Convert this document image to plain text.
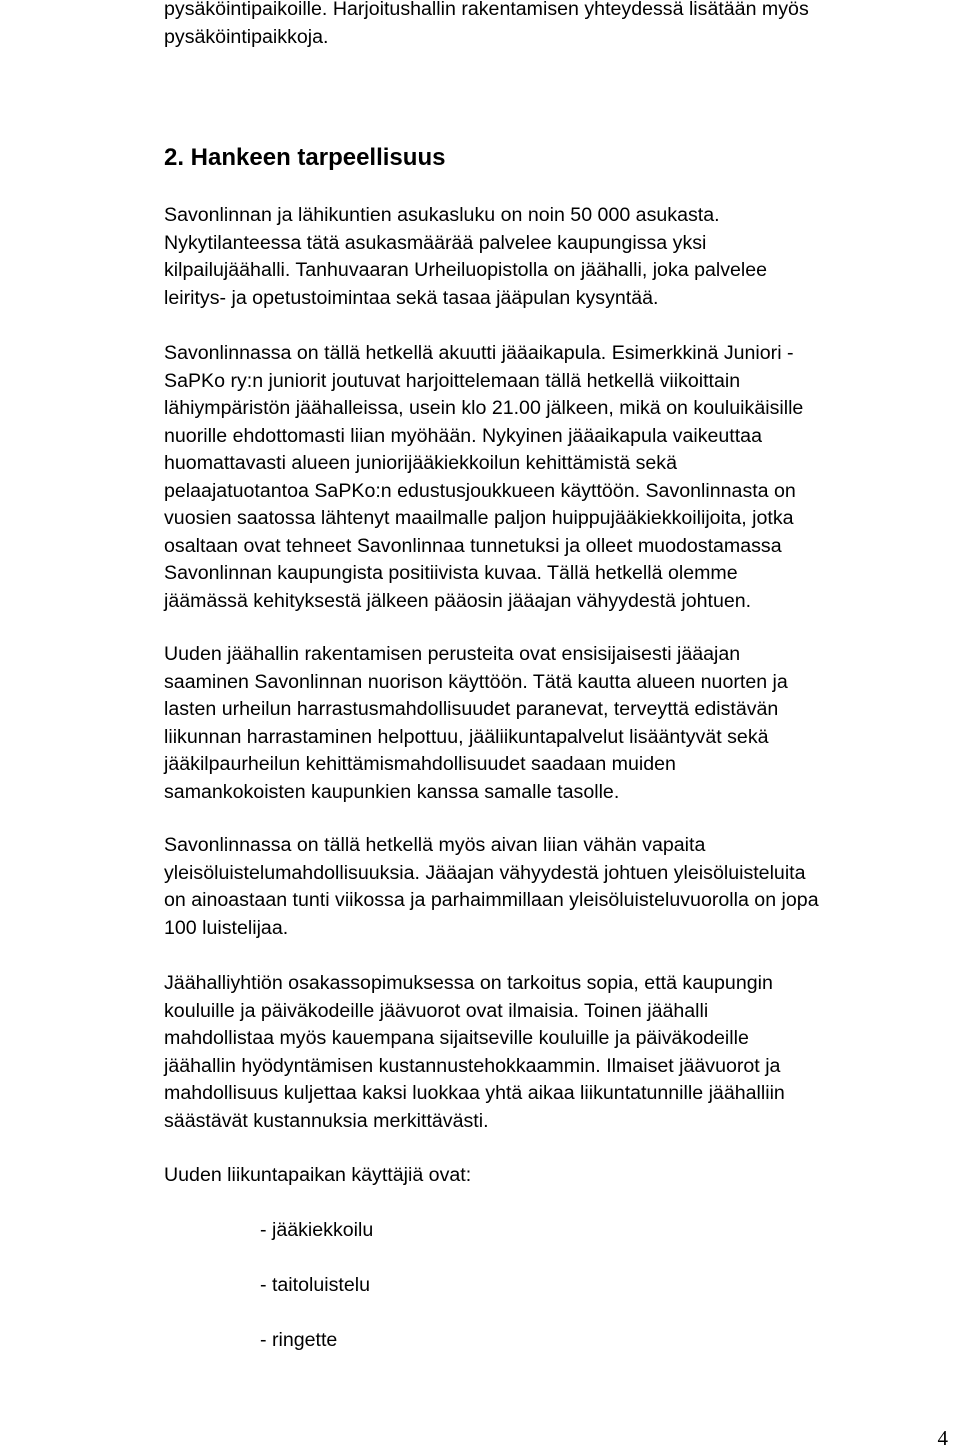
pysäköintipaikoille. Harjoitushallin rakentamisen yhteydessä lisätään myös
pysäköintipaikkoja.

2. Hankeen tarpeellisuus

Savonlinnan ja lähikuntien asukasluku on noin 50 000 asukasta.
Nykytilanteessa tätä asukasmäärää palvelee kaupungissa yksi
kilpailujäähalli. Tanhuvaaran Urheiluopistolla on jäähalli, joka palvelee
leiritys- ja opetustoimintaa sekä tasaa jääpulan kysyntää.

Savonlinnassa on tällä hetkellä akuutti jääaikapula. Esimerkkinä Juniori -
SaPKo ry:n juniorit joutuvat harjoittelemaan tällä hetkellä viikoittain
lähiympäristön jäähalleissa, usein klo 21.00 jälkeen, mikä on kouluikäisille
nuorille ehdottomasti liian myöhään. Nykyinen jääaikapula vaikeuttaa
huomattavasti alueen juniorijääkiekkoilun kehittämistä sekä
pelaajatuotantoa SaPKo:n edustusjoukkueen käyttöön. Savonlinnasta on
vuosien saatossa lähtenyt maailmalle paljon huippujääkiekkoilijoita, jotka
osaltaan ovat tehneet Savonlinnaa tunnetuksi ja olleet muodostamassa
Savonlinnan kaupungista positiivista kuvaa. Tällä hetkellä olemme
jäämässä kehityksestä jälkeen pääosin jääajan vähyydestä johtuen.

Uuden jäähallin rakentamisen perusteita ovat ensisijaisesti jääajan
saaminen Savonlinnan nuorison käyttöön. Tätä kautta alueen nuorten ja
lasten urheilun harrastusmahdollisuudet paranevat, terveyttä edistävän
liikunnan harrastaminen helpottuu, jääliikuntapalvelut lisääntyvät sekä
jääkilpaurheilun kehittämismahdollisuudet saadaan muiden
samankokoisten kaupunkien kanssa samalle tasolle.

Savonlinnassa on tällä hetkellä myös aivan liian vähän vapaita
yleisöluistelumahdollisuuksia. Jääajan vähyydestä johtuen yleisöluisteluita
on ainoastaan tunti viikossa ja parhaimmillaan yleisöluisteluvuorolla on jopa
100 luistelijaa.

Jäähalliyhtiön osakassopimuksessa on tarkoitus sopia, että kaupungin
kouluille ja päiväkodeille jäävuorot ovat ilmaisia. Toinen jäähalli
mahdollistaa myös kauempana sijaitseville kouluille ja päiväkodeille
jäähallin hyödyntämisen kustannustehokkaammin. Ilmaiset jäävuorot ja
mahdollisuus kuljettaa kaksi luokkaa yhtä aikaa liikuntatunnille jäähalliin
säästävät kustannuksia merkittävästi.

Uuden liikuntapaikan käyttäjiä ovat:

- jääkiekkoilu

- taitoluistelu

- ringette

4
